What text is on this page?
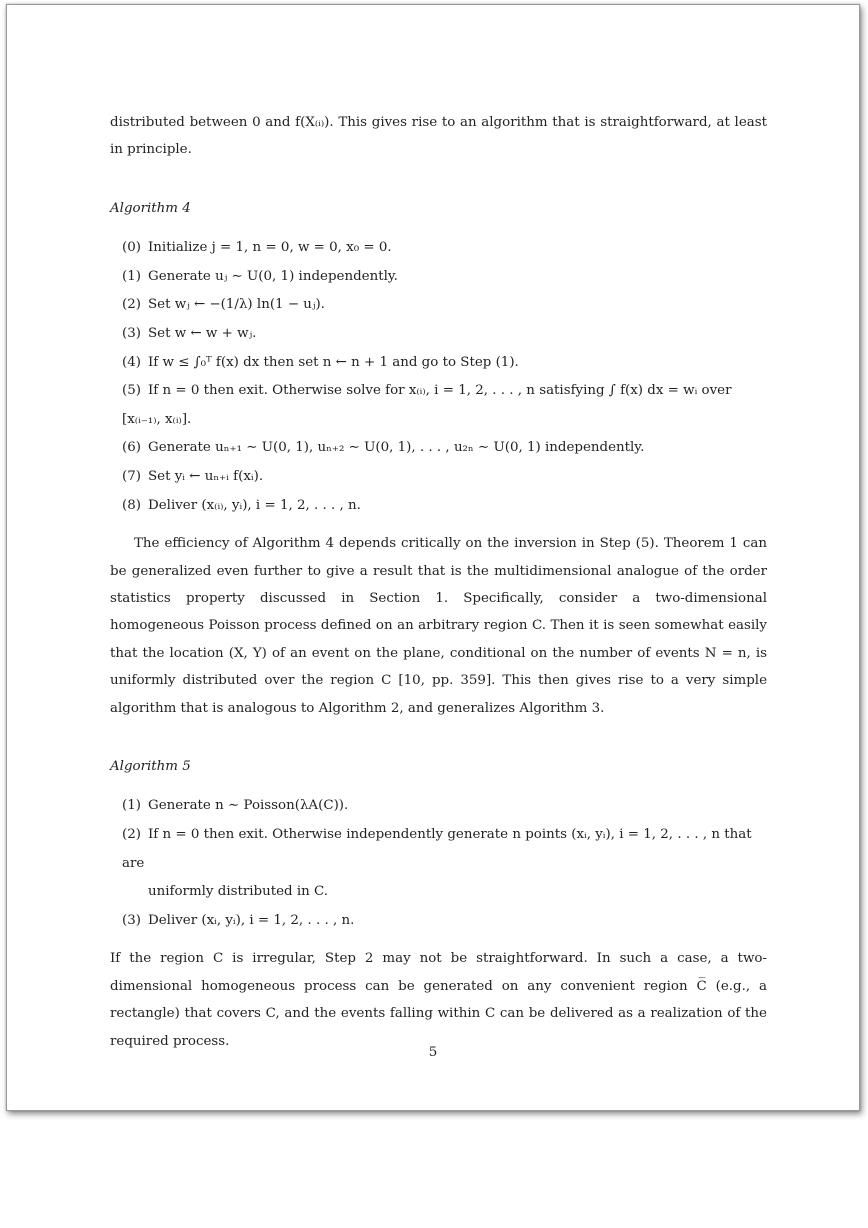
distributed between 0 and f(X₍ᵢ₎). This gives rise to an algorithm that is straightforward, at least in principle.

Algorithm 4
(0) Initialize j = 1, n = 0, w = 0, x₀ = 0.
(1) Generate uⱼ ∼ U(0, 1) independently.
(2) Set wⱼ ← −(1/λ) ln(1 − uⱼ).
(3) Set w ← w + wⱼ.
(4) If w ≤ ∫₀ᵀ f(x) dx then set n ← n + 1 and go to Step (1).
(5) If n = 0 then exit. Otherwise solve for x₍ᵢ₎, i = 1, 2, . . . , n satisfying ∫ f(x) dx = wᵢ over [x₍ᵢ₋₁₎, x₍ᵢ₎].
(6) Generate uₙ₊₁ ∼ U(0, 1), uₙ₊₂ ∼ U(0, 1), . . . , u₂ₙ ∼ U(0, 1) independently.
(7) Set yᵢ ← uₙ₊ᵢ f(xᵢ).
(8) Deliver (x₍ᵢ₎, yᵢ), i = 1, 2, . . . , n.

The efficiency of Algorithm 4 depends critically on the inversion in Step (5). Theorem 1 can be generalized even further to give a result that is the multidimensional analogue of the order statistics property discussed in Section 1. Specifically, consider a two-dimensional homogeneous Poisson process defined on an arbitrary region C. Then it is seen somewhat easily that the location (X, Y) of an event on the plane, conditional on the number of events N = n, is uniformly distributed over the region C [10, pp. 359]. This then gives rise to a very simple algorithm that is analogous to Algorithm 2, and generalizes Algorithm 3.

Algorithm 5
(1) Generate n ∼ Poisson(λA(C)).
(2) If n = 0 then exit. Otherwise independently generate n points (xᵢ, yᵢ), i = 1, 2, . . . , n that are
uniformly distributed in C.
(3) Deliver (xᵢ, yᵢ), i = 1, 2, . . . , n.

If the region C is irregular, Step 2 may not be straightforward. In such a case, a two-dimensional homogeneous process can be generated on any convenient region C̅ (e.g., a rectangle) that covers C, and the events falling within C can be delivered as a realization of the required process.

5
